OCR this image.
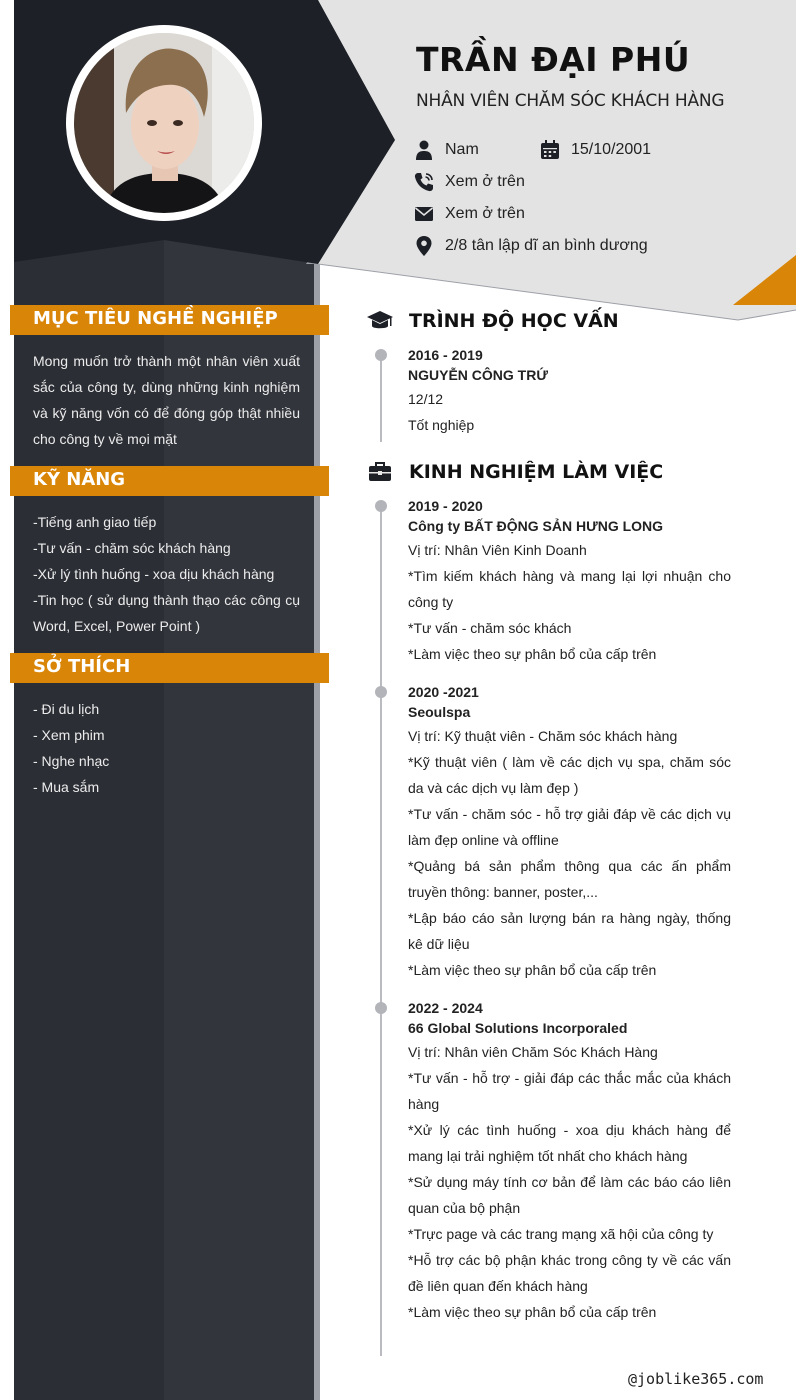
TRẦN ĐẠI PHÚ
NHÂN VIÊN CHĂM SÓC KHÁCH HÀNG
Nam	15/10/2001
Xem ở trên
Xem ở trên
2/8 tân lập dĩ an bình dương
MỤC TIÊU NGHỀ NGHIỆP
Mong muốn trở thành một nhân viên xuất sắc của công ty, dùng những kinh nghiệm và kỹ năng vốn có để đóng góp thật nhiều cho công ty về mọi mặt
KỸ NĂNG
-Tiếng anh giao tiếp
-Tư vấn - chăm sóc khách hàng
-Xử lý tình huống - xoa dịu khách hàng
-Tin học ( sử dụng thành thạo các công cụ Word, Excel, Power Point )
SỞ THÍCH
- Đi du lịch
- Xem phim
- Nghe nhạc
- Mua sắm
TRÌNH ĐỘ HỌC VẤN
2016 - 2019
NGUYỄN CÔNG TRỨ

12/12

Tốt nghiệp

KINH NGHIỆM LÀM VIỆC
2019 - 2020
Công ty BẤT ĐỘNG SẢN HƯNG LONG

Vị trí: Nhân Viên Kinh Doanh

*Tìm kiếm khách hàng và mang lại lợi nhuận cho công ty

*Tư vấn - chăm sóc khách

*Làm việc theo sự phân bổ của cấp trên

2020 -2021
Seoulspa

Vị trí: Kỹ thuật viên - Chăm sóc khách hàng

*Kỹ thuật viên ( làm về các dịch vụ spa, chăm sóc da và các dịch vụ làm đẹp )

*Tư vấn - chăm sóc - hỗ trợ giải đáp về các dịch vụ làm đẹp online và offline

*Quảng bá sản phẩm thông qua các ấn phẩm truyền thông: banner, poster,...

*Lập báo cáo sản lượng bán ra hàng ngày, thống kê dữ liệu

*Làm việc theo sự phân bổ của cấp trên

2022 - 2024
66 Global Solutions Incorporaled

Vị trí: Nhân viên Chăm Sóc Khách Hàng

*Tư vấn - hỗ trợ - giải đáp các thắc mắc của khách hàng

*Xử lý các tình huống - xoa dịu khách hàng để mang lại trải nghiệm tốt nhất cho khách hàng

*Sử dụng máy tính cơ bản để làm các báo cáo liên quan của bộ phận

*Trực page và các trang mạng xã hội của công ty

*Hỗ trợ các bộ phận khác trong công ty về các vấn đề liên quan đến khách hàng

*Làm việc theo sự phân bổ của cấp trên

@joblike365.com
